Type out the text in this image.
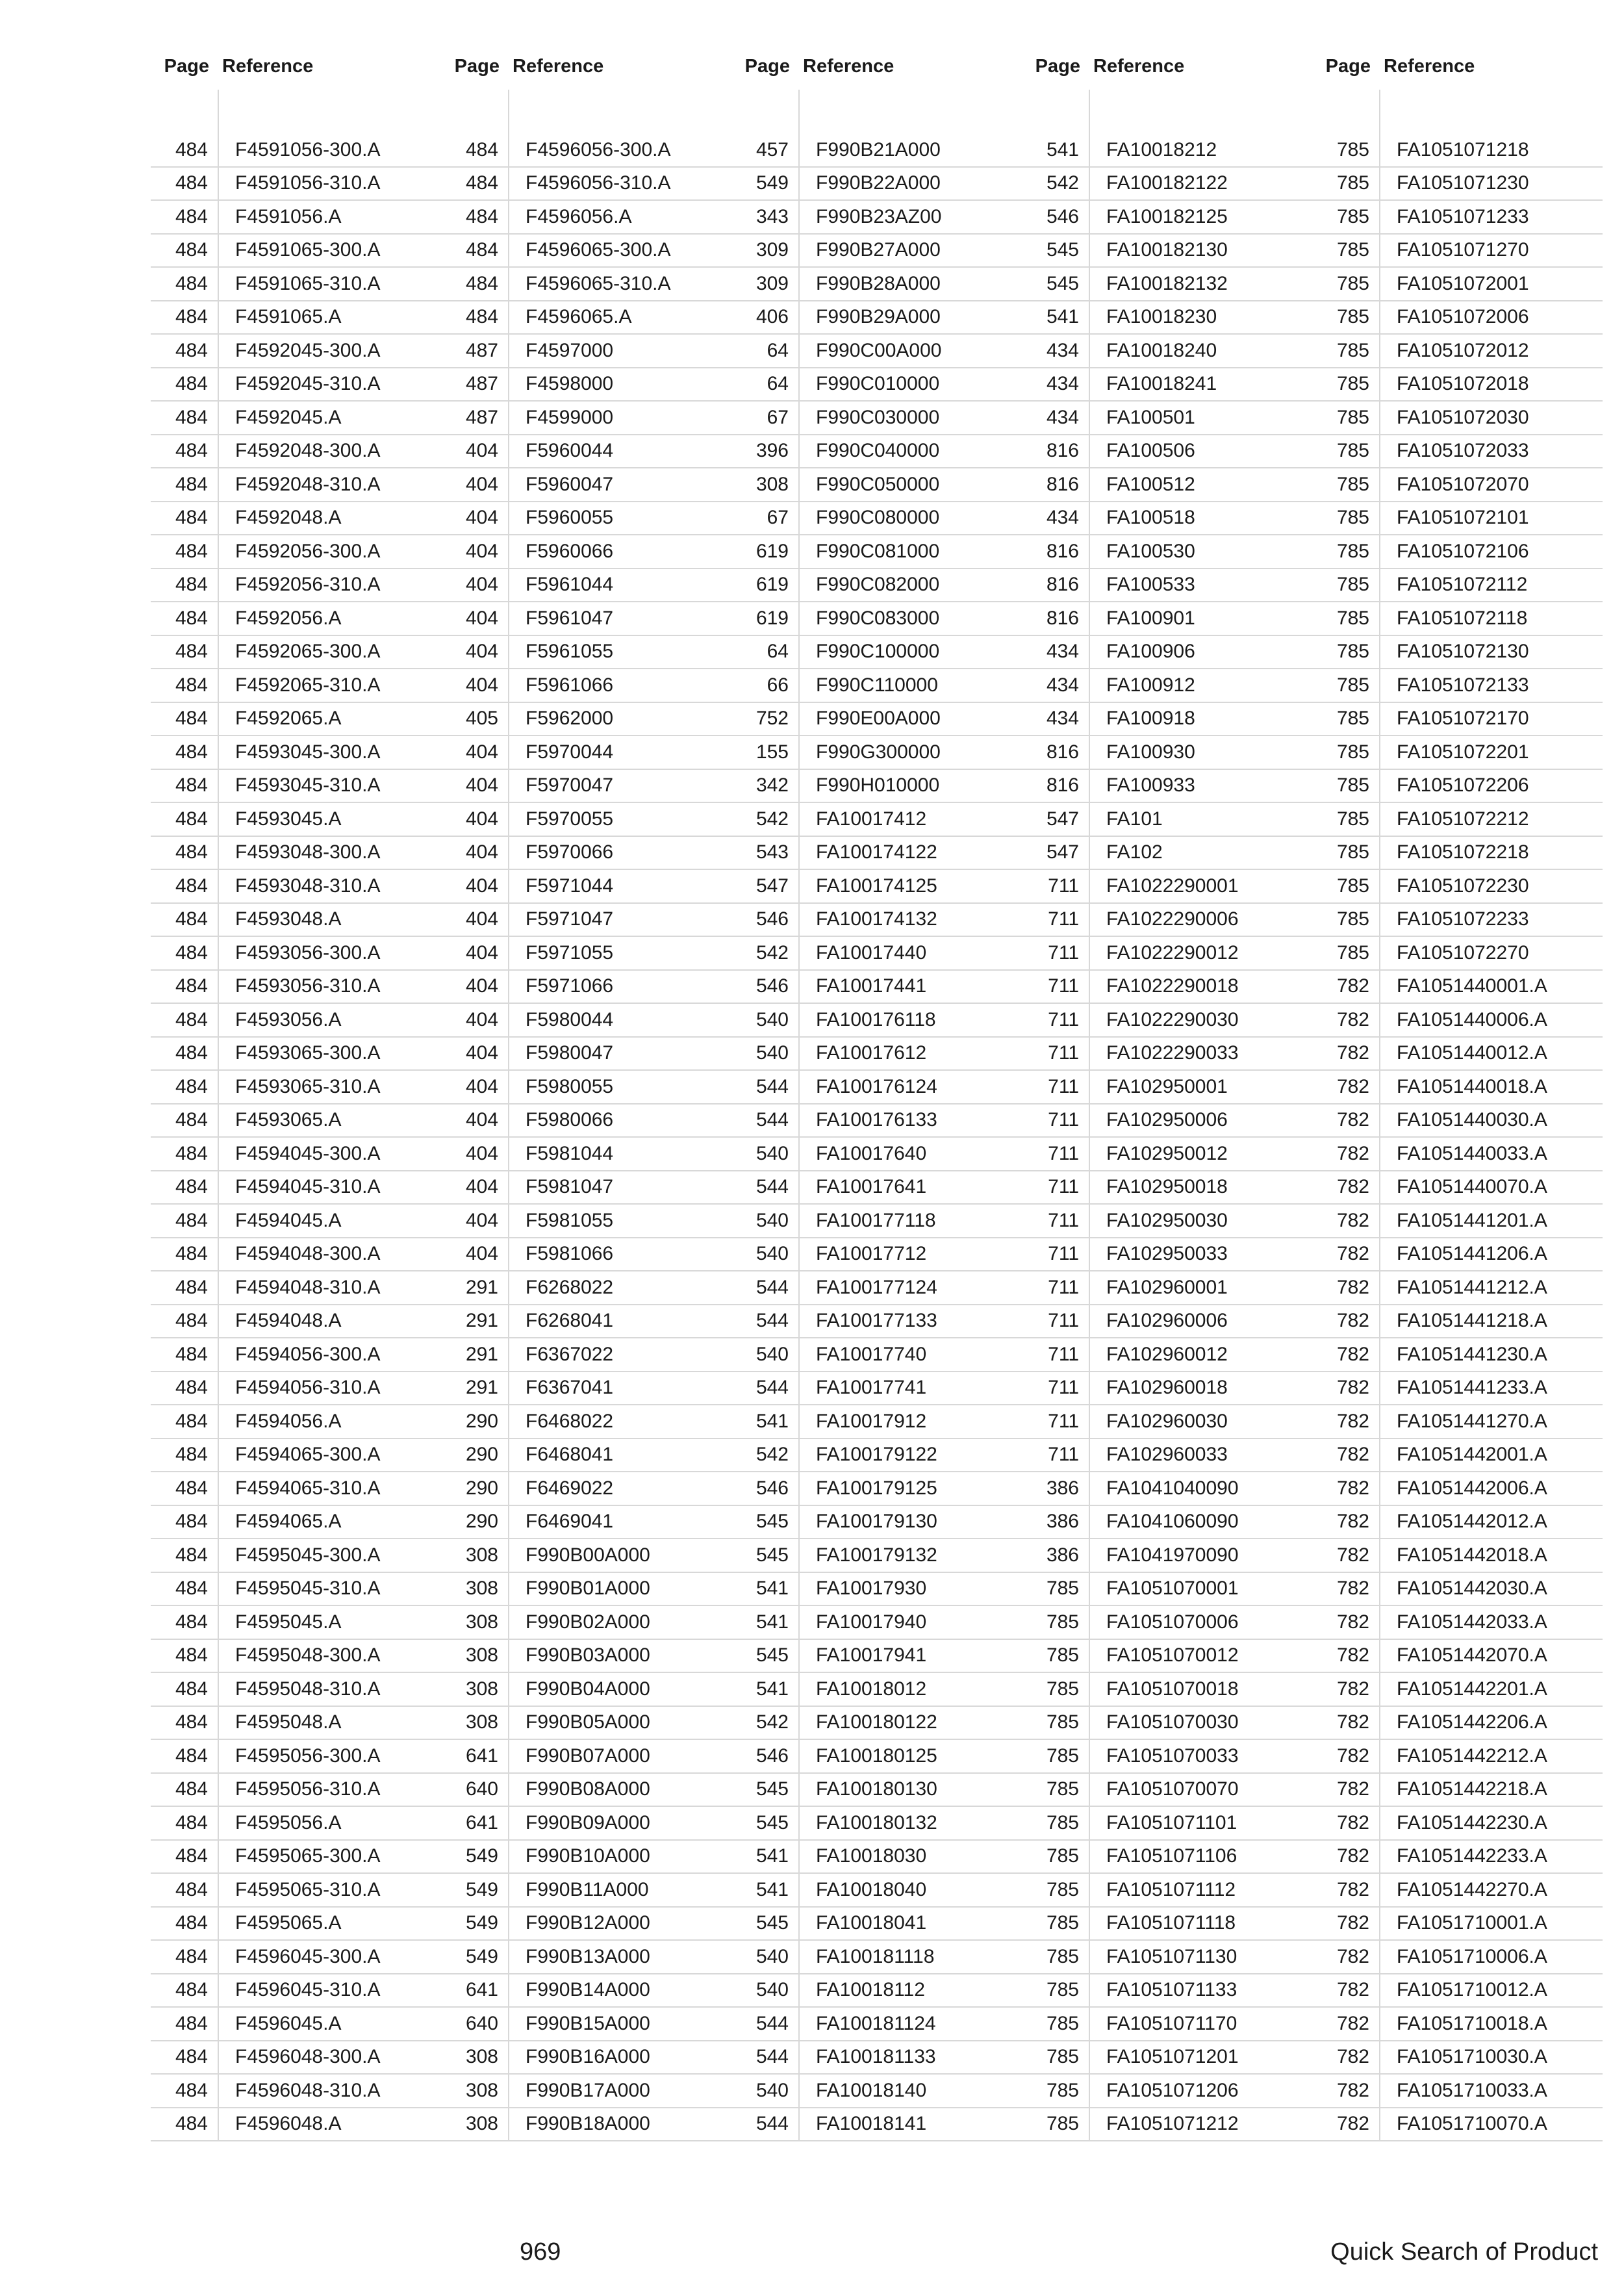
Page Reference
484	F4591056-300.A
484	F4591056-310.A
484	F4591056.A
484	F4591065-300.A
484	F4591065-310.A
484	F4591065.A
484	F4592045-300.A
484	F4592045-310.A
484	F4592045.A
484	F4592048-300.A
484	F4592048-310.A
484	F4592048.A
484	F4592056-300.A
484	F4592056-310.A
484	F4592056.A
484	F4592065-300.A
484	F4592065-310.A
484	F4592065.A
484	F4593045-300.A
484	F4593045-310.A
484	F4593045.A
484	F4593048-300.A
484	F4593048-310.A
484	F4593048.A
484	F4593056-300.A
484	F4593056-310.A
484	F4593056.A
484	F4593065-300.A
484	F4593065-310.A
484	F4593065.A
484	F4594045-300.A
484	F4594045-310.A
484	F4594045.A
484	F4594048-300.A
484	F4594048-310.A
484	F4594048.A
484	F4594056-300.A
484	F4594056-310.A
484	F4594056.A
484	F4594065-300.A
484	F4594065-310.A
484	F4594065.A
484	F4595045-300.A
484	F4595045-310.A
484	F4595045.A
484	F4595048-300.A
484	F4595048-310.A
484	F4595048.A
484	F4595056-300.A
484	F4595056-310.A
484	F4595056.A
484	F4595065-300.A
484	F4595065-310.A
484	F4595065.A
484	F4596045-300.A
484	F4596045-310.A
484	F4596045.A
484	F4596048-300.A
484	F4596048-310.A
484	F4596048.A
Page Reference
484	F4596056-300.A
484	F4596056-310.A
484	F4596056.A
484	F4596065-300.A
484	F4596065-310.A
484	F4596065.A
487	F4597000
487	F4598000
487	F4599000
404	F5960044
404	F5960047
404	F5960055
404	F5960066
404	F5961044
404	F5961047
404	F5961055
404	F5961066
405	F5962000
404	F5970044
404	F5970047
404	F5970055
404	F5970066
404	F5971044
404	F5971047
404	F5971055
404	F5971066
404	F5980044
404	F5980047
404	F5980055
404	F5980066
404	F5981044
404	F5981047
404	F5981055
404	F5981066
291	F6268022
291	F6268041
291	F6367022
291	F6367041
290	F6468022
290	F6468041
290	F6469022
290	F6469041
308	F990B00A000
308	F990B01A000
308	F990B02A000
308	F990B03A000
308	F990B04A000
308	F990B05A000
641	F990B07A000
640	F990B08A000
641	F990B09A000
549	F990B10A000
549	F990B11A000
549	F990B12A000
549	F990B13A000
641	F990B14A000
640	F990B15A000
308	F990B16A000
308	F990B17A000
308	F990B18A000
Page Reference
457	F990B21A000
549	F990B22A000
343	F990B23AZ00
309	F990B27A000
309	F990B28A000
406	F990B29A000
64	F990C00A000
64	F990C010000
67	F990C030000
396	F990C040000
308	F990C050000
67	F990C080000
619	F990C081000
619	F990C082000
619	F990C083000
64	F990C100000
66	F990C110000
752	F990E00A000
155	F990G300000
342	F990H010000
542	FA10017412
543	FA100174122
547	FA100174125
546	FA100174132
542	FA10017440
546	FA10017441
540	FA100176118
540	FA10017612
544	FA100176124
544	FA100176133
540	FA10017640
544	FA10017641
540	FA100177118
540	FA10017712
544	FA100177124
544	FA100177133
540	FA10017740
544	FA10017741
541	FA10017912
542	FA100179122
546	FA100179125
545	FA100179130
545	FA100179132
541	FA10017930
541	FA10017940
545	FA10017941
541	FA10018012
542	FA100180122
546	FA100180125
545	FA100180130
545	FA100180132
541	FA10018030
541	FA10018040
545	FA10018041
540	FA100181118
540	FA10018112
544	FA100181124
544	FA100181133
540	FA10018140
544	FA10018141
Page Reference
541	FA10018212
542	FA100182122
546	FA100182125
545	FA100182130
545	FA100182132
541	FA10018230
434	FA10018240
434	FA10018241
434	FA100501
816	FA100506
816	FA100512
434	FA100518
816	FA100530
816	FA100533
816	FA100901
434	FA100906
434	FA100912
434	FA100918
816	FA100930
816	FA100933
547	FA101
547	FA102
711	FA1022290001
711	FA1022290006
711	FA1022290012
711	FA1022290018
711	FA1022290030
711	FA1022290033
711	FA102950001
711	FA102950006
711	FA102950012
711	FA102950018
711	FA102950030
711	FA102950033
711	FA102960001
711	FA102960006
711	FA102960012
711	FA102960018
711	FA102960030
711	FA102960033
386	FA1041040090
386	FA1041060090
386	FA1041970090
785	FA1051070001
785	FA1051070006
785	FA1051070012
785	FA1051070018
785	FA1051070030
785	FA1051070033
785	FA1051070070
785	FA1051071101
785	FA1051071106
785	FA1051071112
785	FA1051071118
785	FA1051071130
785	FA1051071133
785	FA1051071170
785	FA1051071201
785	FA1051071206
785	FA1051071212
Page Reference
785	FA1051071218
785	FA1051071230
785	FA1051071233
785	FA1051071270
785	FA1051072001
785	FA1051072006
785	FA1051072012
785	FA1051072018
785	FA1051072030
785	FA1051072033
785	FA1051072070
785	FA1051072101
785	FA1051072106
785	FA1051072112
785	FA1051072118
785	FA1051072130
785	FA1051072133
785	FA1051072170
785	FA1051072201
785	FA1051072206
785	FA1051072212
785	FA1051072218
785	FA1051072230
785	FA1051072233
785	FA1051072270
782	FA1051440001.A
782	FA1051440006.A
782	FA1051440012.A
782	FA1051440018.A
782	FA1051440030.A
782	FA1051440033.A
782	FA1051440070.A
782	FA1051441201.A
782	FA1051441206.A
782	FA1051441212.A
782	FA1051441218.A
782	FA1051441230.A
782	FA1051441233.A
782	FA1051441270.A
782	FA1051442001.A
782	FA1051442006.A
782	FA1051442012.A
782	FA1051442018.A
782	FA1051442030.A
782	FA1051442033.A
782	FA1051442070.A
782	FA1051442201.A
782	FA1051442206.A
782	FA1051442212.A
782	FA1051442218.A
782	FA1051442230.A
782	FA1051442233.A
782	FA1051442270.A
782	FA1051710001.A
782	FA1051710006.A
782	FA1051710012.A
782	FA1051710018.A
782	FA1051710030.A
782	FA1051710033.A
782	FA1051710070.A
969	Quick Search of Product
